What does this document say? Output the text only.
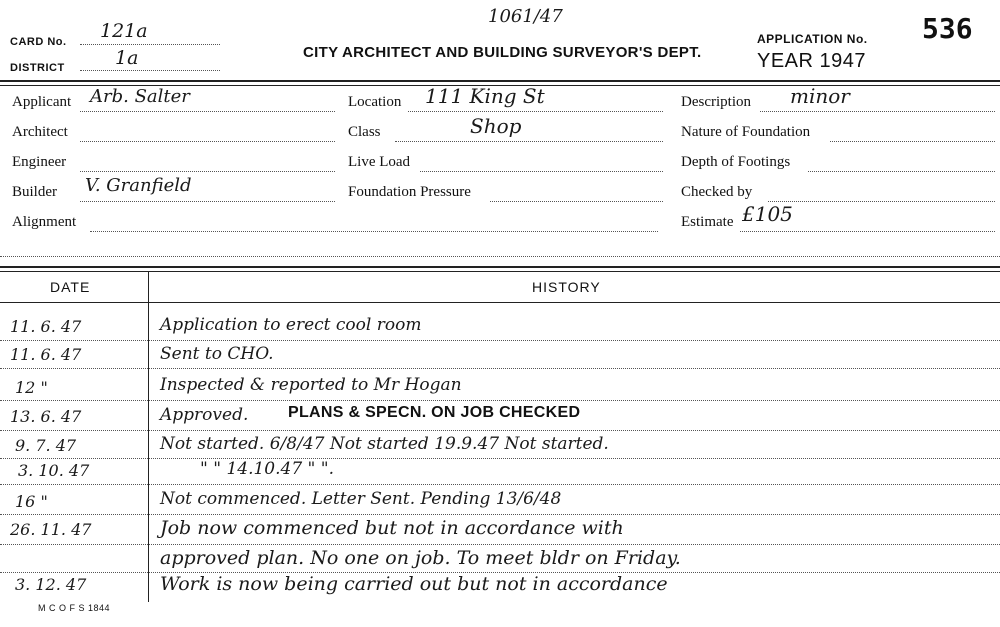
CARD No. 121a
DISTRICT	1a
1061/47
CITY ARCHITECT AND BUILDING SURVEYOR'S DEPT.
APPLICATION No. 536
YEAR 1947
Applicant Arb. Salter
Architect
Engineer
Builder V. Granfield
Alignment
Location 111 King St
Class	Shop
Live Load
Foundation Pressure
Description minor
Nature of Foundation
Depth of Footings
Checked by
Estimate £105
DATE	HISTORY
11. 6. 47	Application to erect cool room
11. 6. 47	Sent to CHO.
12 "	Inspected & reported to Mr Hogan
13. 6. 47	Approved. PLANS & SPECN. ON JOB CHECKED
9. 7. 47	Not started. 6/8/47 Not started 19.9.47 Not started.
3. 10. 47	" " 14.10.47 " ".
16 "	Not commenced. Letter Sent. Pending 13/6/48
26. 11. 47	Job now commenced but not in accordance with
approved plan. No one on job. To meet bldr on Friday.
3. 12. 47	Work is now being carried out but not in accordance
M C O F S 1844
